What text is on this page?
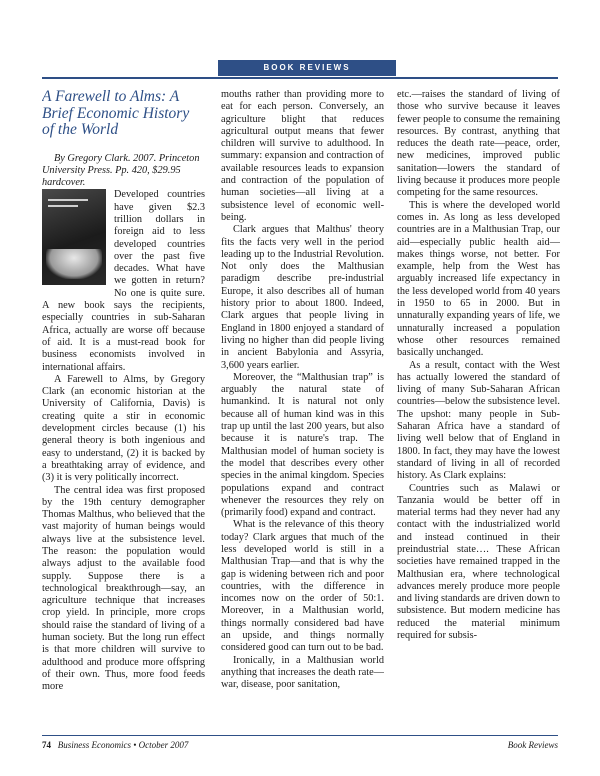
BOOK REVIEWS
A Farewell to Alms: A Brief Economic History of the World

By Gregory Clark. 2007. Princeton University Press. Pp. 420, $29.95 hardcover.

Developed countries have given $2.3 trillion dollars in foreign aid to less developed countries over the past five decades. What have we gotten in return? No one is quite sure. A new book says the recipients, especially countries in sub-Saharan Africa, actually are worse off because of aid. It is a must-read book for business economists involved in international affairs.

A Farewell to Alms, by Gregory Clark (an economic historian at the University of California, Davis) is creating quite a stir in economic development circles because (1) his general theory is both ingenious and easy to understand, (2) it is backed by a breathtaking array of evidence, and (3) it is very politically incorrect.

The central idea was first proposed by the 19th century demographer Thomas Malthus, who believed that the vast majority of human beings would always live at the subsistence level. The reason: the population would always adjust to the available food supply. Suppose there is a technological breakthrough—say, an agriculture technique that increases crop yield. In principle, more crops should raise the standard of living of a human society. But the long run effect is that more children will survive to adulthood and produce more offspring of their own. Thus, more food feeds more

mouths rather than providing more to eat for each person. Conversely, an agriculture blight that reduces agricultural output means that fewer children will survive to adulthood. In summary: expansion and contraction of available resources leads to expansion and contraction of the population of human societies—all living at a subsistence level of economic well-being.

Clark argues that Malthus' theory fits the facts very well in the period leading up to the Industrial Revolution. Not only does the Malthusian paradigm describe pre-industrial Europe, it also describes all of human history prior to about 1800. Indeed, Clark argues that people living in England in 1800 enjoyed a standard of living no higher than did people living in ancient Babylonia and Assyria, 3,600 years earlier.

Moreover, the “Malthusian trap” is arguably the natural state of humankind. It is natural not only because all of human kind was in this trap up until the last 200 years, but also because it is nature's trap. The Malthusian model of human society is the model that describes every other species in the animal kingdom. Species populations expand and contract whenever the resources they rely on (primarily food) expand and contract.

What is the relevance of this theory today? Clark argues that much of the less developed world is still in a Malthusian Trap—and that is why the gap is widening between rich and poor countries, with the difference in incomes now on the order of 50:1. Moreover, in a Malthusian world, things normally considered bad have an upside, and things normally considered good can turn out to be bad.

Ironically, in a Malthusian world anything that increases the death rate—war, disease, poor sanitation,

etc.—raises the standard of living of those who survive because it leaves fewer people to consume the remaining resources. By contrast, anything that reduces the death rate—peace, order, new medicines, improved public sanitation—lowers the standard of living because it produces more people competing for the same resources.

This is where the developed world comes in. As long as less developed countries are in a Malthusian Trap, our aid—especially public health aid—makes things worse, not better. For example, help from the West has arguably increased life expectancy in the less developed world from 40 years in 1950 to 65 in 2000. But in unnaturally expanding years of life, we unnaturally increased a population whose other resources remained basically unchanged.

As a result, contact with the West has actually lowered the standard of living of many Sub-Saharan African countries—below the subsistence level. The upshot: many people in Sub-Saharan Africa have a standard of living well below that of England in 1800. In fact, they may have the lowest standard of living in all of recorded history. As Clark explains:

Countries such as Malawi or Tanzania would be better off in material terms had they never had any contact with the industrialized world and instead continued in their preindustrial state…. These African societies have remained trapped in the Malthusian era, where technological advances merely produce more people and living standards are driven down to subsistence. But modern medicine has reduced the material minimum required for subsis-

74 Business Economics • October 2007	Book Reviews
